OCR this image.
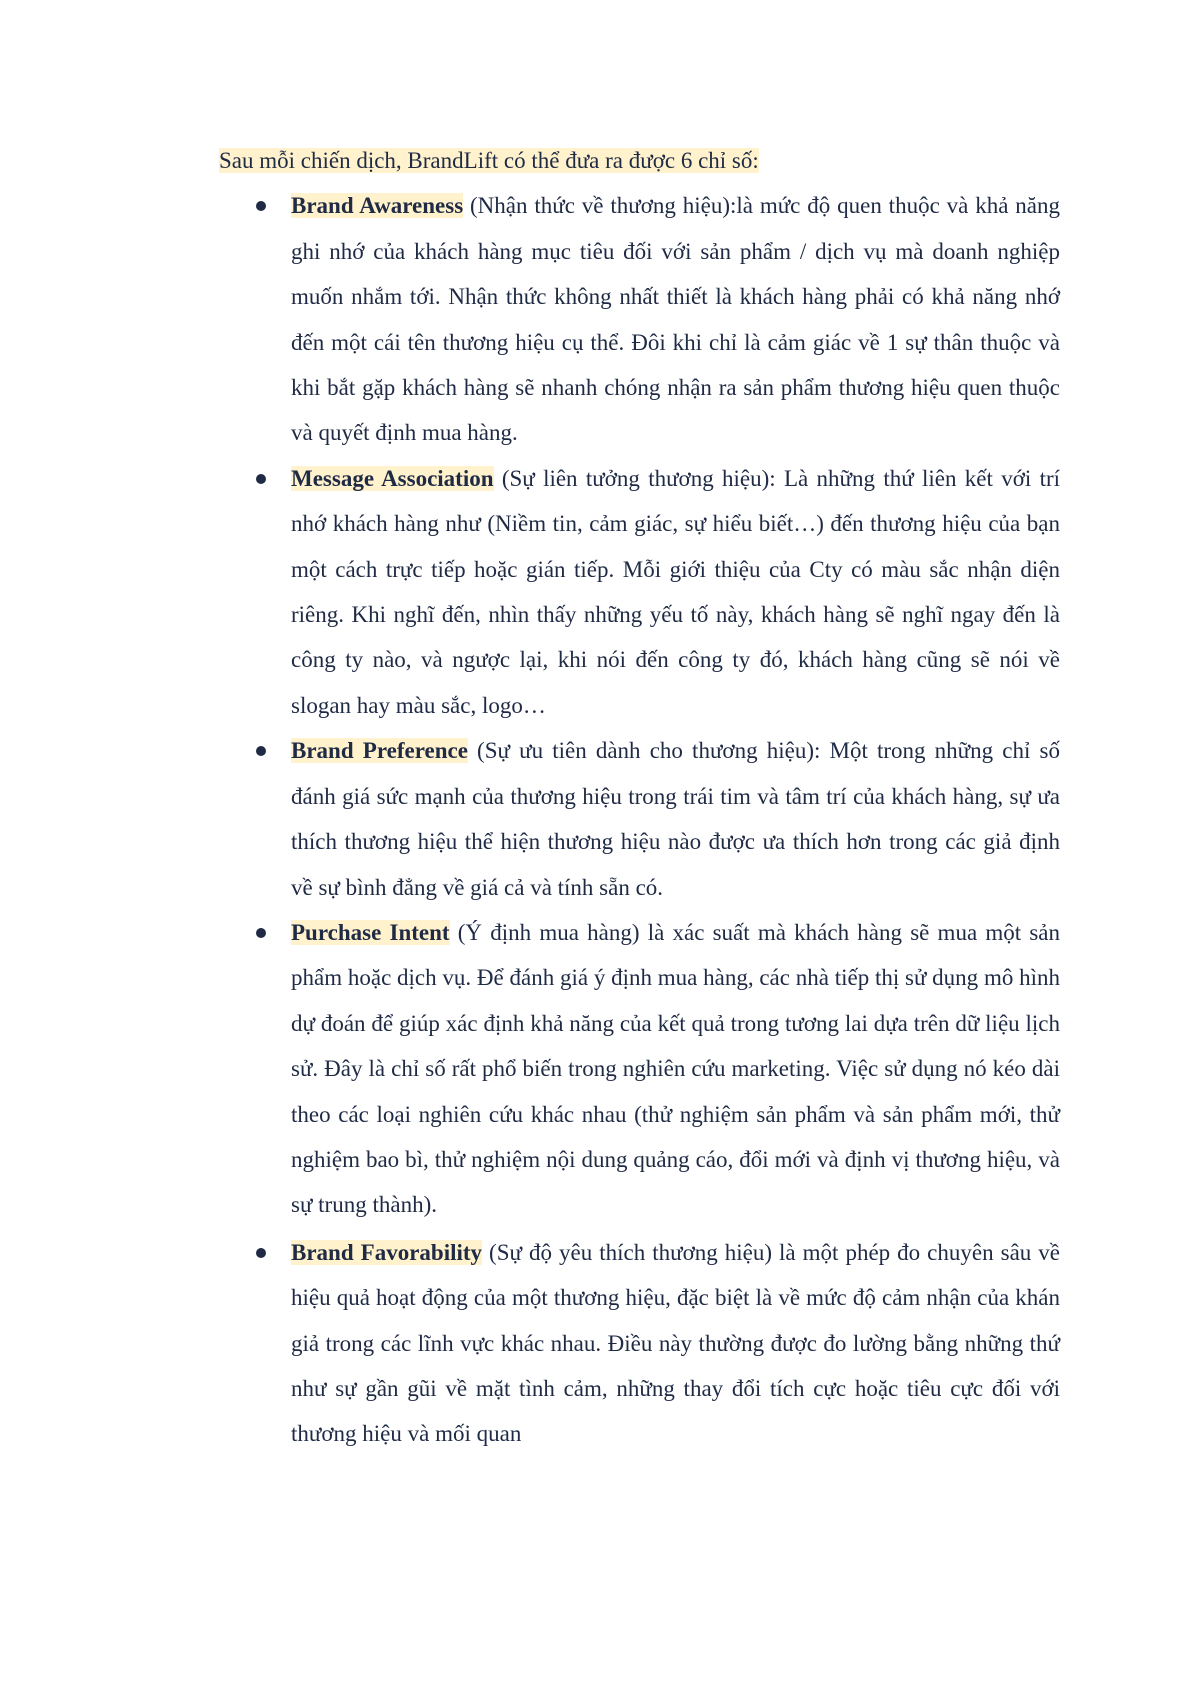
Sau mỗi chiến dịch, BrandLift có thể đưa ra được 6 chỉ số:

Brand Awareness (Nhận thức về thương hiệu):là mức độ quen thuộc và khả năng ghi nhớ của khách hàng mục tiêu đối với sản phẩm / dịch vụ mà doanh nghiệp muốn nhắm tới. Nhận thức không nhất thiết là khách hàng phải có khả năng nhớ đến một cái tên thương hiệu cụ thể. Đôi khi chỉ là cảm giác về 1 sự thân thuộc và khi bắt gặp khách hàng sẽ nhanh chóng nhận ra sản phẩm thương hiệu quen thuộc và quyết định mua hàng.
Message Association (Sự liên tưởng thương hiệu): Là những thứ liên kết với trí nhớ khách hàng như (Niềm tin, cảm giác, sự hiểu biết…) đến thương hiệu của bạn một cách trực tiếp hoặc gián tiếp. Mỗi giới thiệu của Cty có màu sắc nhận diện riêng. Khi nghĩ đến, nhìn thấy những yếu tố này, khách hàng sẽ nghĩ ngay đến là công ty nào, và ngược lại, khi nói đến công ty đó, khách hàng cũng sẽ nói về slogan hay màu sắc, logo…
Brand Preference (Sự ưu tiên dành cho thương hiệu): Một trong những chỉ số đánh giá sức mạnh của thương hiệu trong trái tim và tâm trí của khách hàng, sự ưa thích thương hiệu thể hiện thương hiệu nào được ưa thích hơn trong các giả định về sự bình đẳng về giá cả và tính sẵn có.
Purchase Intent (Ý định mua hàng) là xác suất mà khách hàng sẽ mua một sản phẩm hoặc dịch vụ. Để đánh giá ý định mua hàng, các nhà tiếp thị sử dụng mô hình dự đoán để giúp xác định khả năng của kết quả trong tương lai dựa trên dữ liệu lịch sử. Đây là chỉ số rất phổ biến trong nghiên cứu marketing. Việc sử dụng nó kéo dài theo các loại nghiên cứu khác nhau (thử nghiệm sản phẩm và sản phẩm mới, thử nghiệm bao bì, thử nghiệm nội dung quảng cáo, đổi mới và định vị thương hiệu, và sự trung thành).
Brand Favorability (Sự độ yêu thích thương hiệu) là một phép đo chuyên sâu về hiệu quả hoạt động của một thương hiệu, đặc biệt là về mức độ cảm nhận của khán giả trong các lĩnh vực khác nhau. Điều này thường được đo lường bằng những thứ như sự gần gũi về mặt tình cảm, những thay đổi tích cực hoặc tiêu cực đối với thương hiệu và mối quan
